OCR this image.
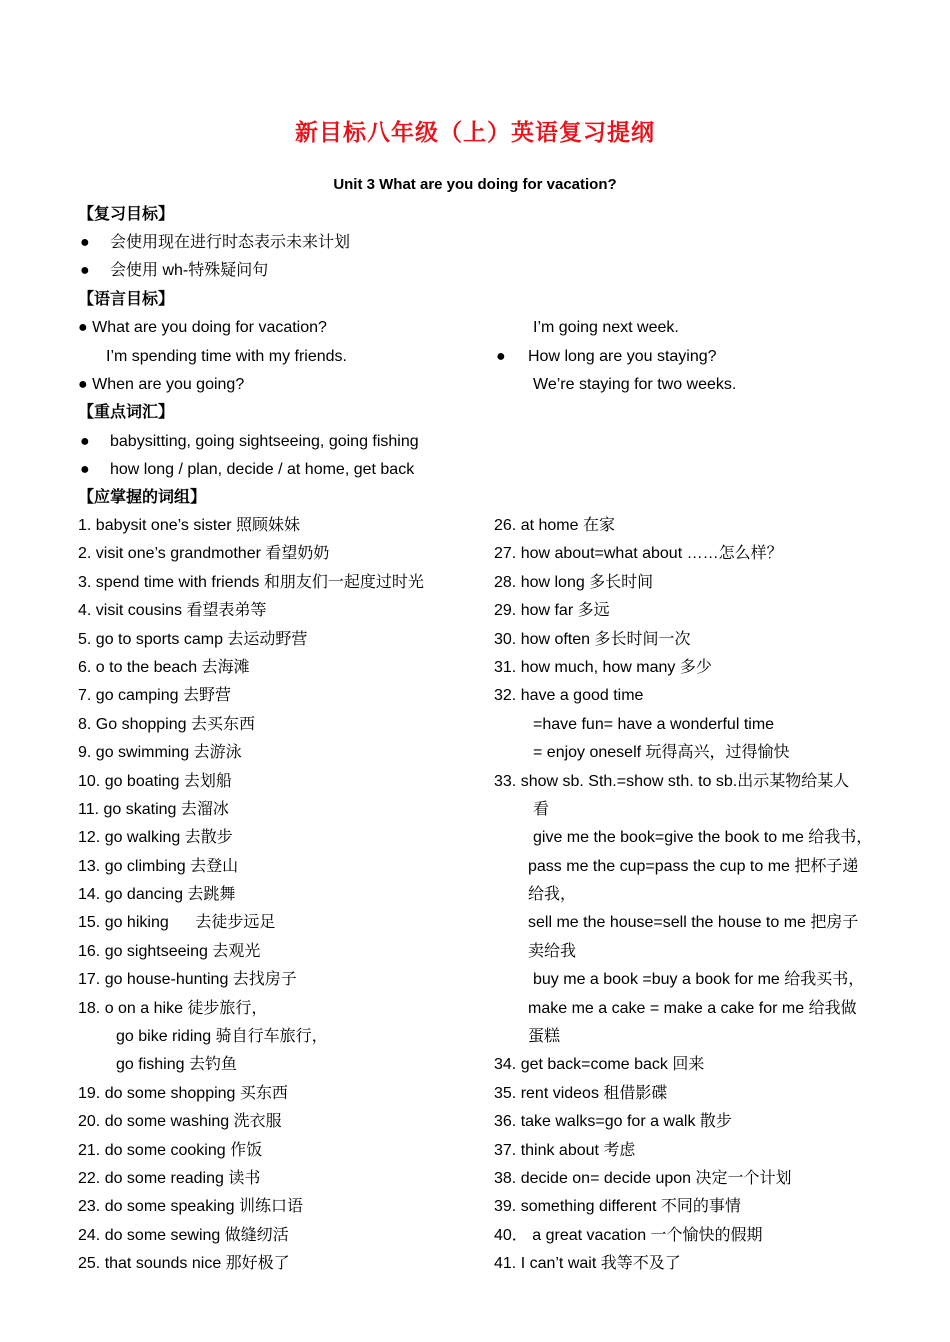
新目标八年级（上）英语复习提纲
Unit 3 What are you doing for vacation?
【复习目标】
● 会使用现在进行时态表示未来计划
● 会使用 wh-特殊疑问句
【语言目标】
● What are you doing for vacation?
I’m spending time with my friends.
● When are you going?
I’m going next week.
● How long are you staying?
We’re staying for two weeks.
【重点词汇】
● babysitting, going sightseeing, going fishing
● how long / plan, decide / at home, get back
【应掌握的词组】
1. babysit one’s sister 照顾妹妹
2. visit one’s grandmother 看望奶奶
3. spend time with friends 和朋友们一起度过时光
4. visit cousins 看望表弟等
5. go to sports camp 去运动野营
6. o to the beach 去海滩
7. go camping 去野营
8. Go shopping 去买东西
9. go swimming 去游泳
10. go boating 去划船
11. go skating 去溜冰
12. go walking 去散步
13. go climbing 去登山
14. go dancing 去跳舞
15. go hiking      去徒步远足
16. go sightseeing 去观光
17. go house-hunting 去找房子
18. o on a hike 徒步旅行，
go bike riding 骑自行车旅行，
go fishing 去钓鱼
19. do some shopping 买东西
20. do some washing 洗衣服
21. do some cooking 作饭
22. do some reading 读书
23. do some speaking 训练口语
24. do some sewing 做缝纫活
25. that sounds nice 那好极了
26. at home 在家
27. how about=what about ……怎么样？
28. how long 多长时间
29. how far 多远
30. how often 多长时间一次
31. how much, how many 多少
32. have a good time
=have fun= have a wonderful time
= enjoy oneself 玩得高兴，过得愉快
33. show sb. Sth.=show sth. to sb.出示某物给某人
看
give me the book=give the book to me 给我书，
pass me the cup=pass the cup to me 把杯子递
给我，
sell me the house=sell the house to me 把房子
卖给我
buy me a book =buy a book for me 给我买书，
make me a cake = make a cake for me 给我做
蛋糕
34. get back=come back 回来
35. rent videos 租借影碟
36. take walks=go for a walk 散步
37. think about 考虑
38. decide on= decide upon 决定一个计划
39. something different 不同的事情
40． a great vacation 一个愉快的假期
41. I can’t wait 我等不及了
